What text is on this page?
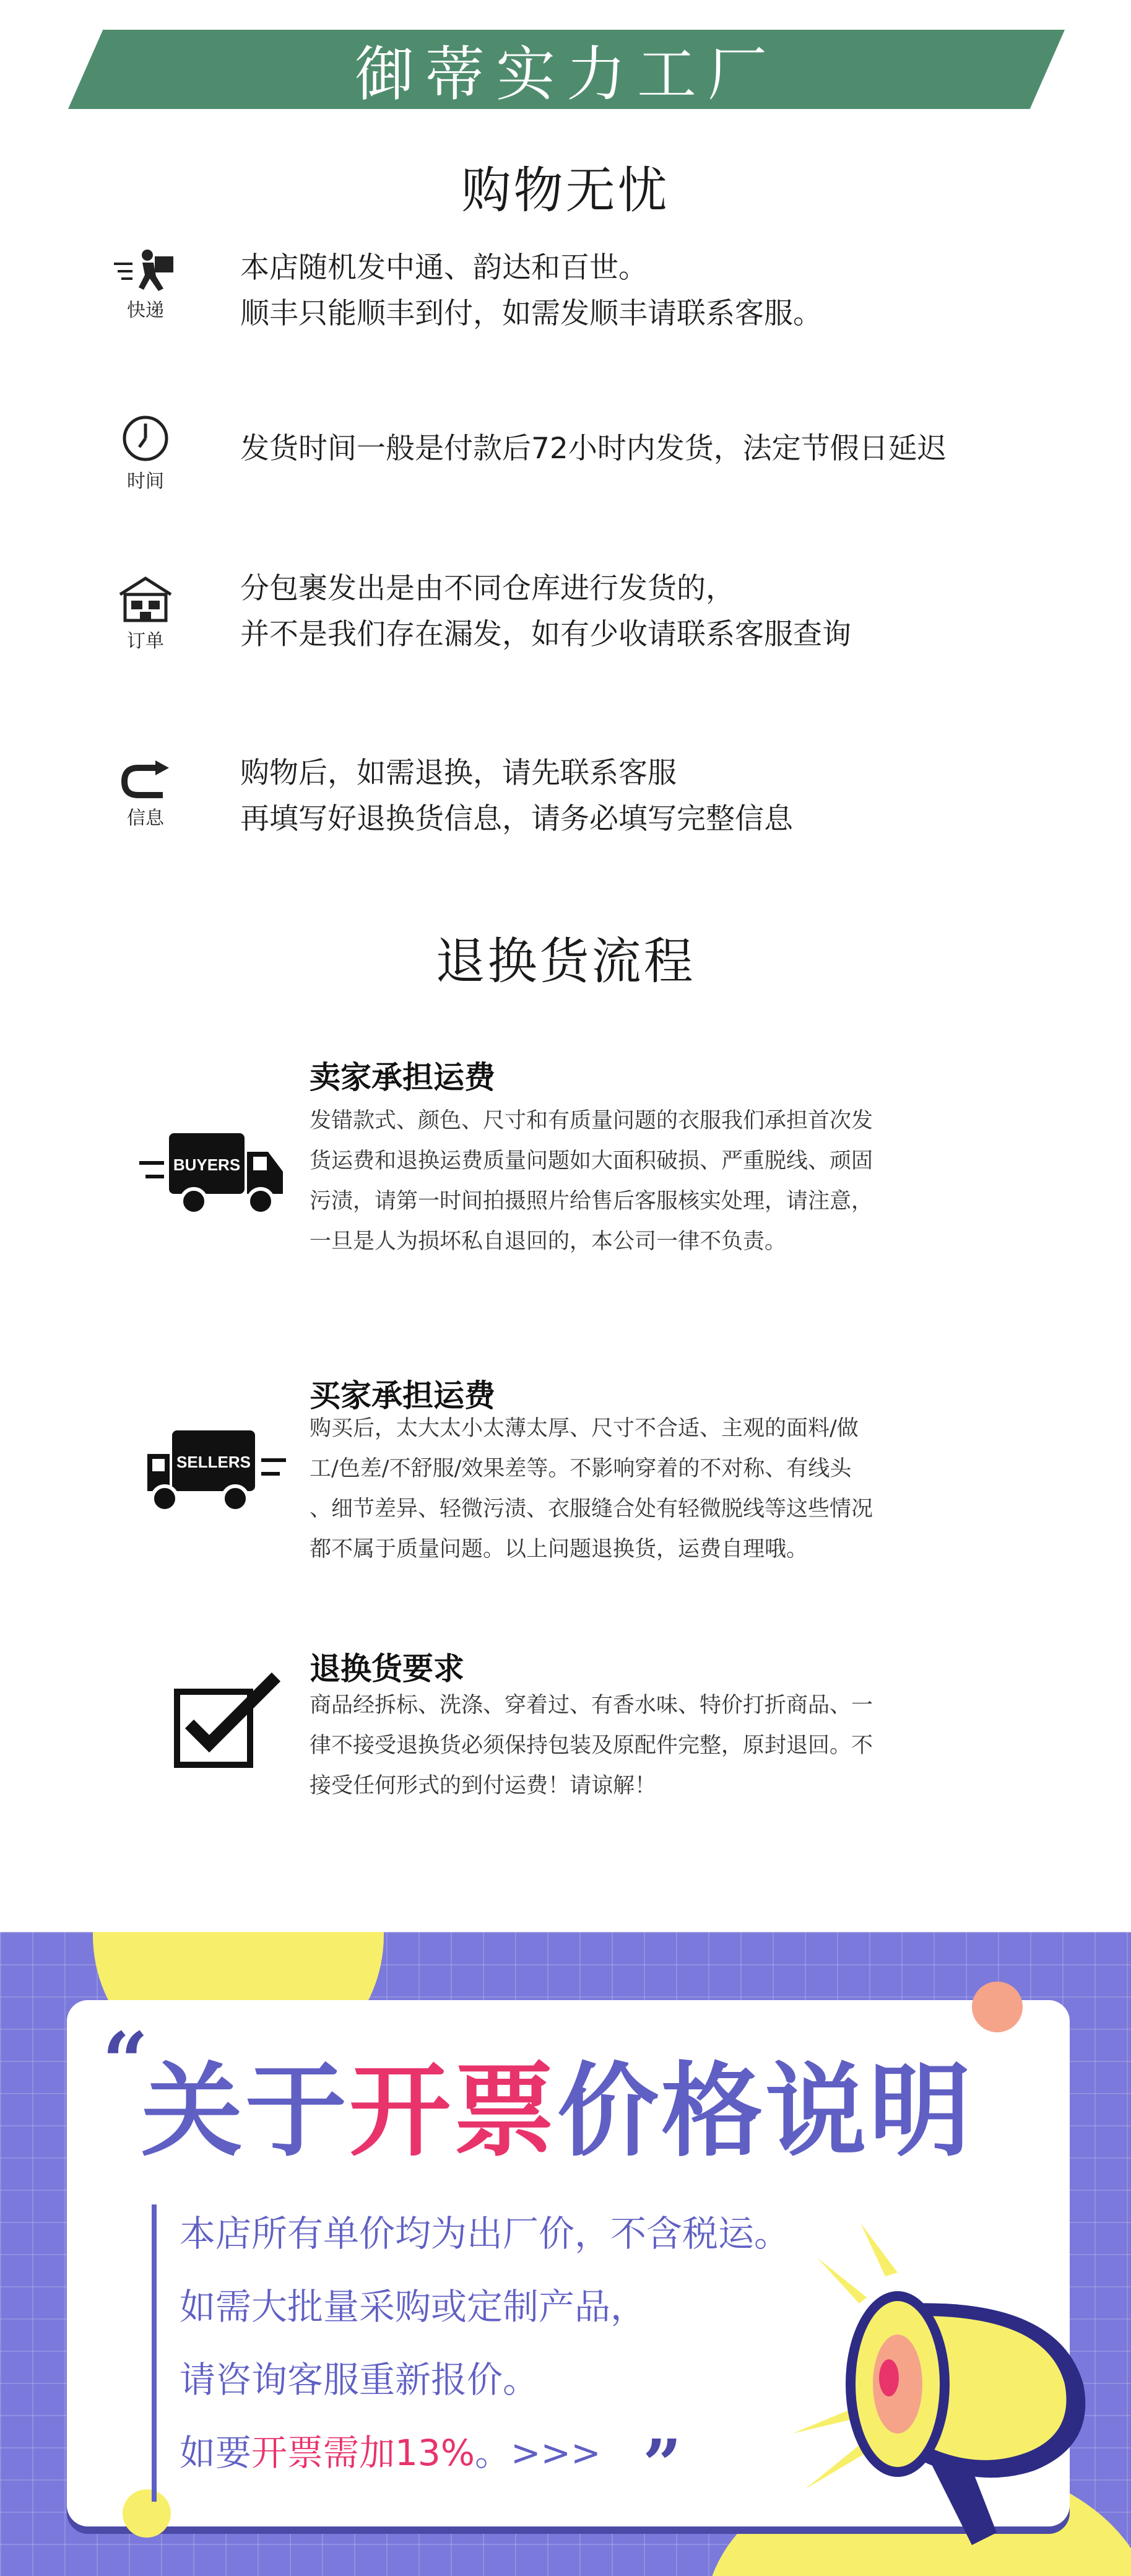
御蒂实力工厂
购物无忧
快递
本店随机发中通、韵达和百世。
顺丰只能顺丰到付，如需发顺丰请联系客服。
时间
发货时间一般是付款后72小时内发货，法定节假日延迟
订单
分包裹发出是由不同仓库进行发货的，
并不是我们存在漏发，如有少收请联系客服查询
信息
购物后，如需退换，请先联系客服
再填写好退换货信息，请务必填写完整信息
退换货流程
BUYERS
卖家承担运费
发错款式、颜色、尺寸和有质量问题的衣服我们承担首次发
货运费和退换运费质量问题如大面积破损、严重脱线、顽固
污渍，请第一时间拍摄照片给售后客服核实处理，请注意，
一旦是人为损坏私自退回的，本公司一律不负责。
SELLERS
买家承担运费
购买后，太大太小太薄太厚、尺寸不合适、主观的面料/做
工/色差/不舒服/效果差等。不影响穿着的不对称、有线头
、细节差异、轻微污渍、衣服缝合处有轻微脱线等这些情况
都不属于质量问题。以上问题退换货，运费自理哦。
退换货要求
商品经拆标、洗涤、穿着过、有香水味、特价打折商品、一
律不接受退换货必须保持包装及原配件完整，原封退回。不
接受任何形式的到付运费！请谅解！
“
关于开票价格说明
本店所有单价均为出厂价，不含税运。
如需大批量采购或定制产品，
请咨询客服重新报价。
如要开票需加13%。>>> ”
